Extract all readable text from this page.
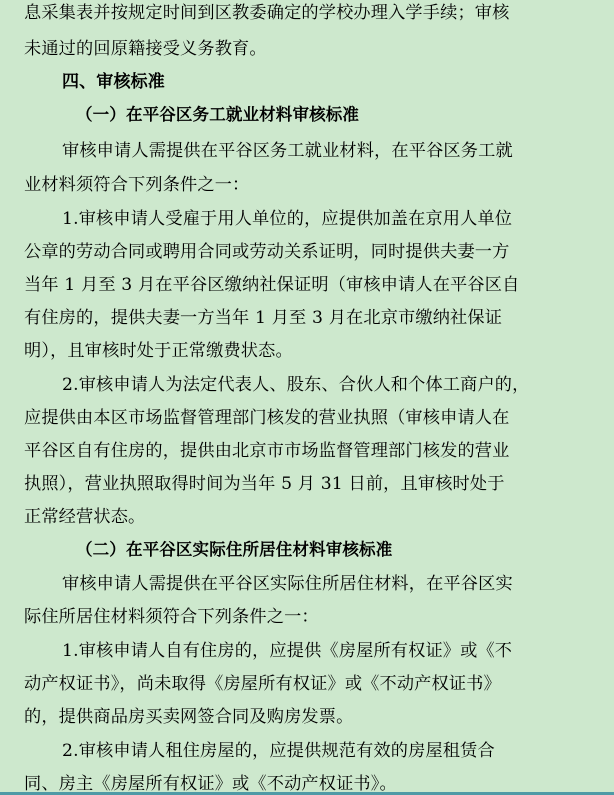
息采集表并按规定时间到区教委确定的学校办理入学手续；审核
未通过的回原籍接受义务教育。
四、审核标准
（一）在平谷区务工就业材料审核标准
审核申请人需提供在平谷区务工就业材料，在平谷区务工就
业材料须符合下列条件之一：
1.审核申请人受雇于用人单位的，应提供加盖在京用人单位
公章的劳动合同或聘用合同或劳动关系证明，同时提供夫妻一方
当年 1 月至 3 月在平谷区缴纳社保证明（审核申请人在平谷区自
有住房的，提供夫妻一方当年 1 月至 3 月在北京市缴纳社保证
明），且审核时处于正常缴费状态。
2.审核申请人为法定代表人、股东、合伙人和个体工商户的，
应提供由本区市场监督管理部门核发的营业执照（审核申请人在
平谷区自有住房的，提供由北京市市场监督管理部门核发的营业
执照），营业执照取得时间为当年 5 月 31 日前，且审核时处于
正常经营状态。
（二）在平谷区实际住所居住材料审核标准
审核申请人需提供在平谷区实际住所居住材料，在平谷区实
际住所居住材料须符合下列条件之一：
1.审核申请人自有住房的，应提供《房屋所有权证》或《不
动产权证书》，尚未取得《房屋所有权证》或《不动产权证书》
的，提供商品房买卖网签合同及购房发票。
2.审核申请人租住房屋的，应提供规范有效的房屋租赁合
同、房主《房屋所有权证》或《不动产权证书》。
